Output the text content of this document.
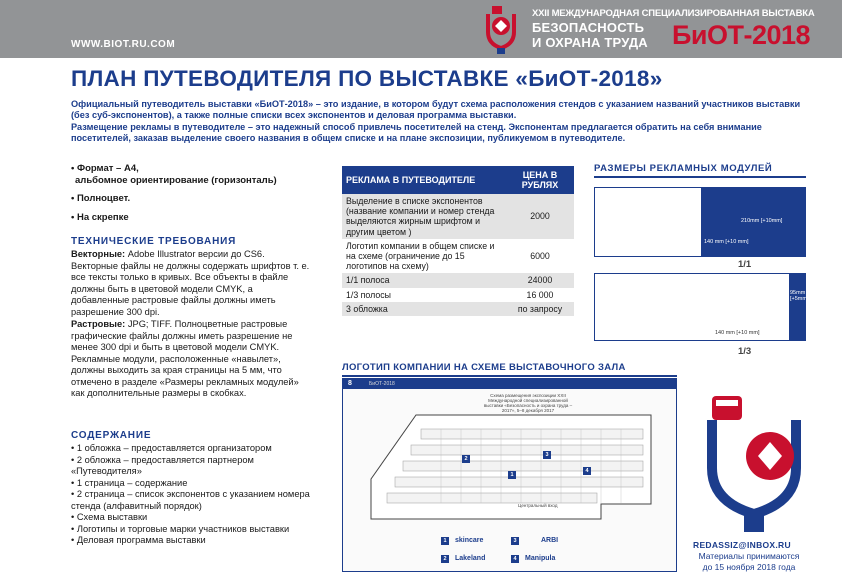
WWW.BIOT.RU.COM
XXII МЕЖДУНАРОДНАЯ СПЕЦИАЛИЗИРОВАННАЯ ВЫСТАВКА
БЕЗОПАСНОСТЬ
И ОХРАНА ТРУДА БиОТ-2018
ПЛАН ПУТЕВОДИТЕЛЯ ПО ВЫСТАВКЕ «БиОТ-2018»

Официальный путеводитель выставки «БиОТ-2018» – это издание, в котором будут схема расположения стендов с указанием названий участников выставки (без суб-экспонентов), а также полные списки всех экспонентов и деловая программа выставки.

Размещение рекламы в путеводителе – это надежный способ привлечь посетителей на стенд. Экспонентам предлагается обратить на себя внимание посетителей, заказав выделение своего названия в общем списке и на плане экспозиции, публикуемом в путеводителе.

• Формат – А4,
альбомное ориентирование (горизонталь)
• Полноцвет.
• На скрепке
ТЕХНИЧЕСКИЕ ТРЕБОВАНИЯ

Векторные: Adobe Illustrator версии до CS6. Векторные файлы не должны содержать шрифтов т. е. все тексты только в кривых. Все объекты в файле должны быть в цветовой модели CMYK, а добавленные растровые файлы должны иметь разрешение 300 dpi.

Растровые: JPG; TIFF. Полноцветные растровые графические файлы должны иметь разрешение не менее 300 dpi и быть в цветовой модели CMYK. Рекламные модули, расположенные «навылет», должны выходить за края страницы на 5 мм, что отмечено в разделе «Размеры рекламных модулей» как дополнительные размеры в скобках.

СОДЕРЖАНИЕ
• 1 обложка – предоставляется организатором
• 2 обложка – предоставляется партнером «Путеводителя»
• 1 страница – содержание
• 2 страница – список экспонентов с указанием номера стенда (алфавитный порядок)
• Схема выставки
• Логотипы и торговые марки участников выставки
• Деловая программа выставки
РЕКЛАМА В ПУТЕВОДИТЕЛЕ	ЦЕНА В РУБЛЯХ
Выделение в списке экспонентов (название компании и номер стенда выделяются жирным шрифтом и другим цветом )	2000
Логотип компании в общем списке и на схеме (ограничение до 15 логотипов на схему)	6000
1/1 полоса	24000
1/3 полосы	16 000
3 обложка	по запросу
РАЗМЕРЫ РЕКЛАМНЫХ МОДУЛЕЙ
210mm [+10mm]
140 mm [+10 mm]
1/1
95mm [+5mm]
140 mm [+10 mm]
1/3
ЛОГОТИП КОМПАНИИ НА СХЕМЕ ВЫСТАВОЧНОГО ЗАЛА
8	БиОТ-2018
Схема размещения экспозиции XXII Международной специализированной выставки «Безопасность и охрана труда – 2017», 5–8 декабря 2017
2
1
3
4
Центральный вход
1	skincare	3	ARBI
2	Lakeland	4	Manipula
REDASSIZ@INBOX.RU
Материалы принимаются
до 15 ноября 2018 года
